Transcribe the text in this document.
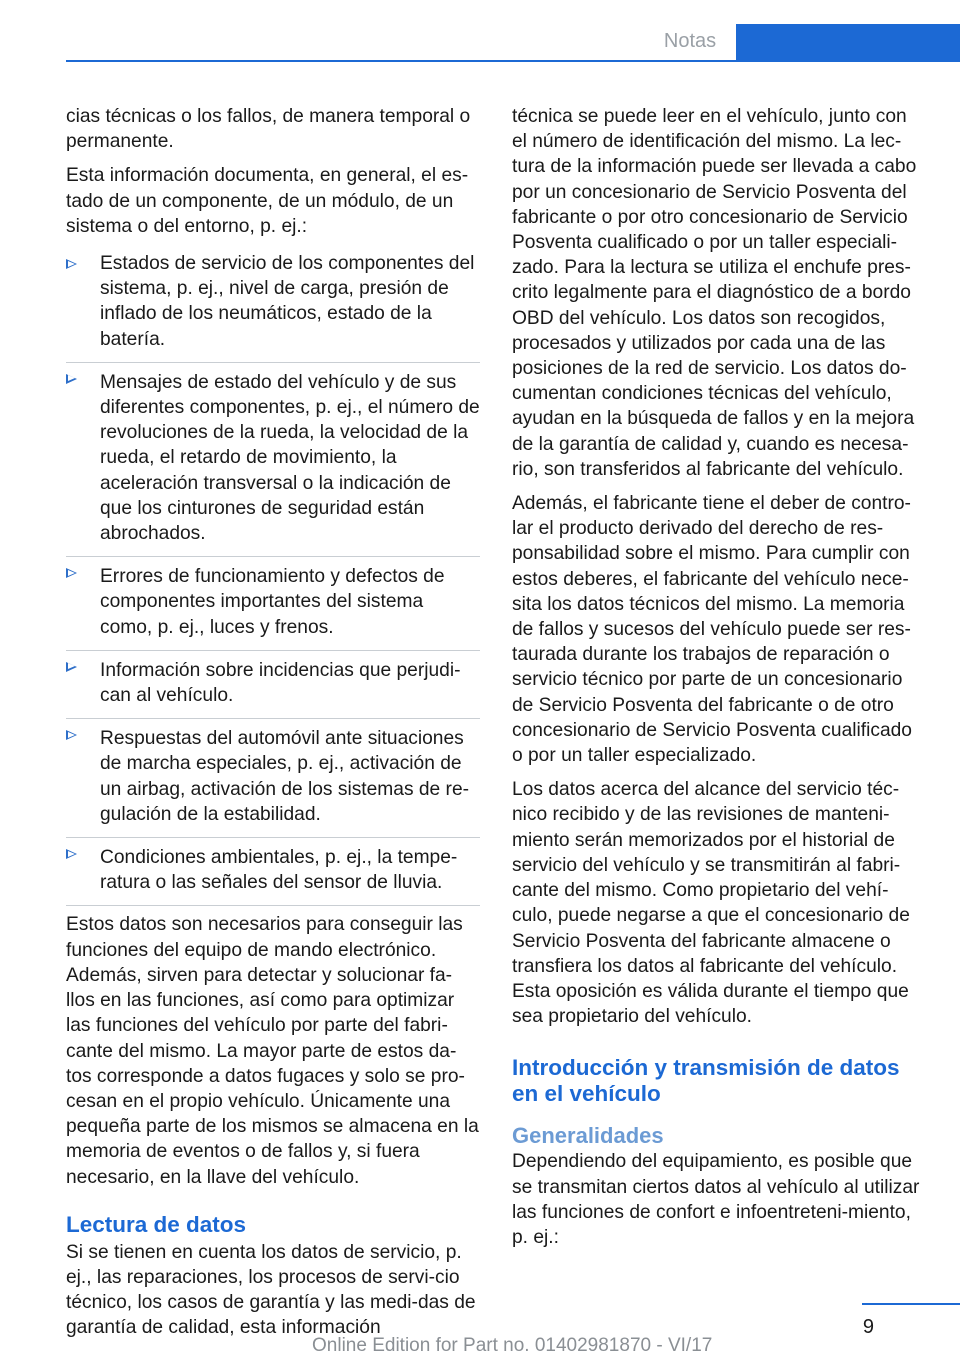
Notas

cias técnicas o los fallos, de manera temporal o permanente.

Esta información documenta, en general, el es‐tado de un componente, de un módulo, de un sistema o del entorno, p. ej.:

Estados de servicio de los componentes del sistema, p. ej., nivel de carga, presión de inflado de los neumáticos, estado de la batería.
Mensajes de estado del vehículo y de sus diferentes componentes, p. ej., el número de revoluciones de la rueda, la velocidad de la rueda, el retardo de movimiento, la aceleración transversal o la indicación de que los cinturones de seguridad están abrochados.
Errores de funcionamiento y defectos de componentes importantes del sistema como, p. ej., luces y frenos.
Información sobre incidencias que perjudi‐can al vehículo.
Respuestas del automóvil ante situaciones de marcha especiales, p. ej., activación de un airbag, activación de los sistemas de re‐gulación de la estabilidad.
Condiciones ambientales, p. ej., la tempe‐ratura o las señales del sensor de lluvia.

Estos datos son necesarios para conseguir las funciones del equipo de mando electrónico. Además, sirven para detectar y solucionar fa‐llos en las funciones, así como para optimizar las funciones del vehículo por parte del fabri‐cante del mismo. La mayor parte de estos da‐tos corresponde a datos fugaces y solo se pro‐cesan en el propio vehículo. Únicamente una pequeña parte de los mismos se almacena en la memoria de eventos o de fallos y, si fuera necesario, en la llave del vehículo.

Lectura de datos

Si se tienen en cuenta los datos de servicio, p. ej., las reparaciones, los procesos de servi‐cio técnico, los casos de garantía y las medi‐das de garantía de calidad, esta información

técnica se puede leer en el vehículo, junto con el número de identificación del mismo. La lec‐tura de la información puede ser llevada a cabo por un concesionario de Servicio Posventa del fabricante o por otro concesionario de Servicio Posventa cualificado o por un taller especiali‐zado. Para la lectura se utiliza el enchufe pres‐crito legalmente para el diagnóstico de a bordo OBD del vehículo. Los datos son recogidos, procesados y utilizados por cada una de las posiciones de la red de servicio. Los datos do‐cumentan condiciones técnicas del vehículo, ayudan en la búsqueda de fallos y en la mejora de la garantía de calidad y, cuando es necesa‐rio, son transferidos al fabricante del vehículo.

Además, el fabricante tiene el deber de contro‐lar el producto derivado del derecho de res‐ponsabilidad sobre el mismo. Para cumplir con estos deberes, el fabricante del vehículo nece‐sita los datos técnicos del mismo. La memoria de fallos y sucesos del vehículo puede ser res‐taurada durante los trabajos de reparación o servicio técnico por parte de un concesionario de Servicio Posventa del fabricante o de otro concesionario de Servicio Posventa cualificado o por un taller especializado.

Los datos acerca del alcance del servicio téc‐nico recibido y de las revisiones de manteni‐miento serán memorizados por el historial de servicio del vehículo y se transmitirán al fabri‐cante del mismo. Como propietario del vehí‐culo, puede negarse a que el concesionario de Servicio Posventa del fabricante almacene o transfiera los datos al fabricante del vehículo. Esta oposición es válida durante el tiempo que sea propietario del vehículo.

Introducción y transmisión de datos en el vehículo
Generalidades

Dependiendo del equipamiento, es posible que se transmitan ciertos datos al vehículo al utilizar las funciones de confort e infoentreteni‐miento, p. ej.:

9
Online Edition for Part no. 01402981870 - VI/17
